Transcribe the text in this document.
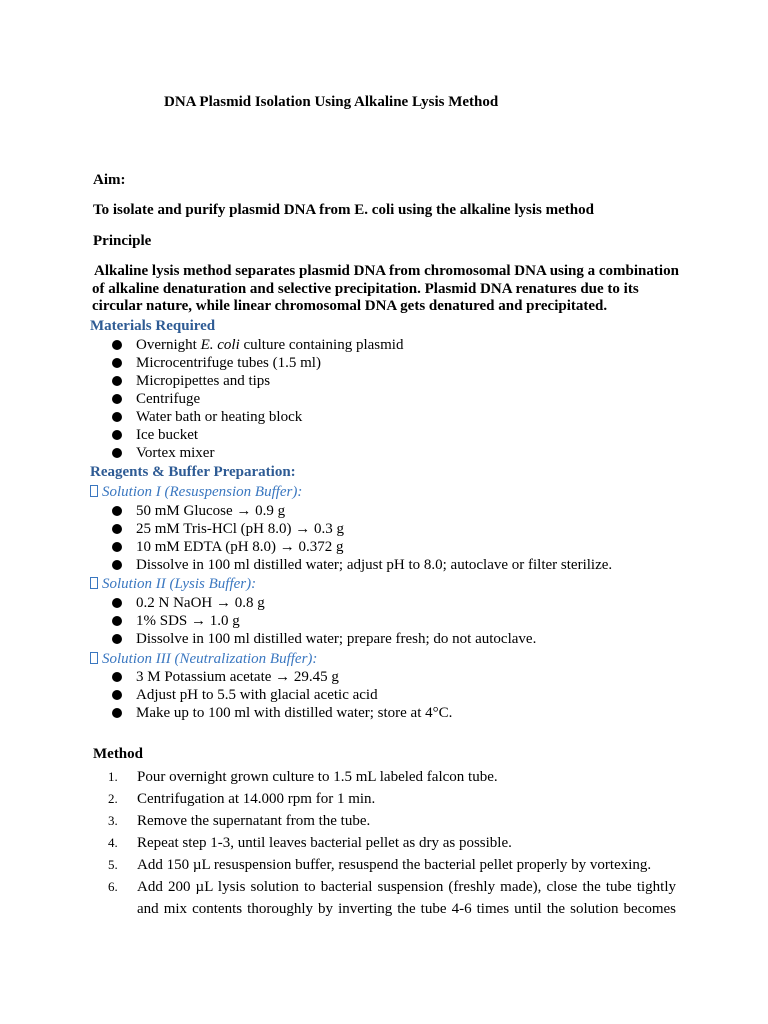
DNA Plasmid Isolation Using Alkaline Lysis Method
Aim:
To isolate and purify plasmid DNA from E. coli using the alkaline lysis method
Principle
Alkaline lysis method separates plasmid DNA from chromosomal DNA using a combination of alkaline denaturation and selective precipitation. Plasmid DNA renatures due to its circular nature, while linear chromosomal DNA gets denatured and precipitated.
Materials Required
Overnight E. coli culture containing plasmid
Microcentrifuge tubes (1.5 ml)
Micropipettes and tips
Centrifuge
Water bath or heating block
Ice bucket
Vortex mixer
Reagents & Buffer Preparation:
Solution I (Resuspension Buffer):
50 mM Glucose → 0.9 g
25 mM Tris-HCl (pH 8.0) → 0.3 g
10 mM EDTA (pH 8.0) → 0.372 g
Dissolve in 100 ml distilled water; adjust pH to 8.0; autoclave or filter sterilize.
Solution II (Lysis Buffer):
0.2 N NaOH → 0.8 g
1% SDS → 1.0 g
Dissolve in 100 ml distilled water; prepare fresh; do not autoclave.
Solution III (Neutralization Buffer):
3 M Potassium acetate → 29.45 g
Adjust pH to 5.5 with glacial acetic acid
Make up to 100 ml with distilled water; store at 4°C.
Method
1. Pour overnight grown culture to 1.5 mL labeled falcon tube.
2. Centrifugation at 14.000 rpm for 1 min.
3. Remove the supernatant from the tube.
4. Repeat step 1-3, until leaves bacterial pellet as dry as possible.
5. Add 150 µL resuspension buffer, resuspend the bacterial pellet properly by vortexing.
6. Add 200 µL lysis solution to bacterial suspension (freshly made), close the tube tightly
and mix contents thoroughly by inverting the tube 4-6 times until the solution becomes
